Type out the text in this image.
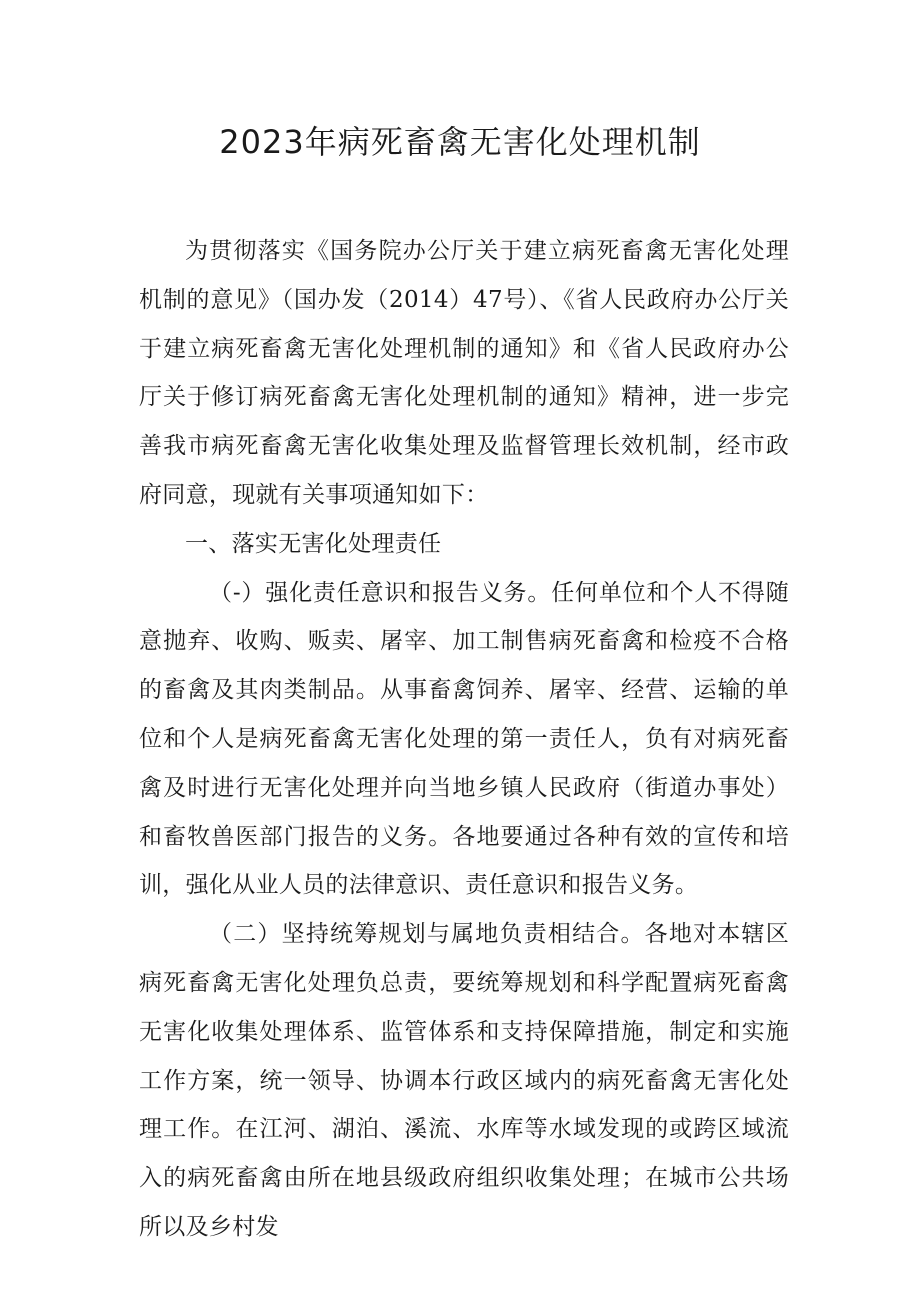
2023年病死畜禽无害化处理机制

为贯彻落实《国务院办公厅关于建立病死畜禽无害化处理机制的意见》（国办发（2014）47号）、《省人民政府办公厅关于建立病死畜禽无害化处理机制的通知》和《省人民政府办公厅关于修订病死畜禽无害化处理机制的通知》精神，进一步完善我市病死畜禽无害化收集处理及监督管理长效机制，经市政府同意，现就有关事项通知如下：

一、落实无害化处理责任

（-）强化责任意识和报告义务。任何单位和个人不得随意抛弃、收购、贩卖、屠宰、加工制售病死畜禽和检疫不合格的畜禽及其肉类制品。从事畜禽饲养、屠宰、经营、运输的单位和个人是病死畜禽无害化处理的第一责任人，负有对病死畜禽及时进行无害化处理并向当地乡镇人民政府（街道办事处）和畜牧兽医部门报告的义务。各地要通过各种有效的宣传和培训，强化从业人员的法律意识、责任意识和报告义务。

（二）坚持统筹规划与属地负责相结合。各地对本辖区病死畜禽无害化处理负总责，要统筹规划和科学配置病死畜禽无害化收集处理体系、监管体系和支持保障措施，制定和实施工作方案，统一领导、协调本行政区域内的病死畜禽无害化处理工作。在江河、湖泊、溪流、水库等水域发现的或跨区域流入的病死畜禽由所在地县级政府组织收集处理；在城市公共场所以及乡村发
